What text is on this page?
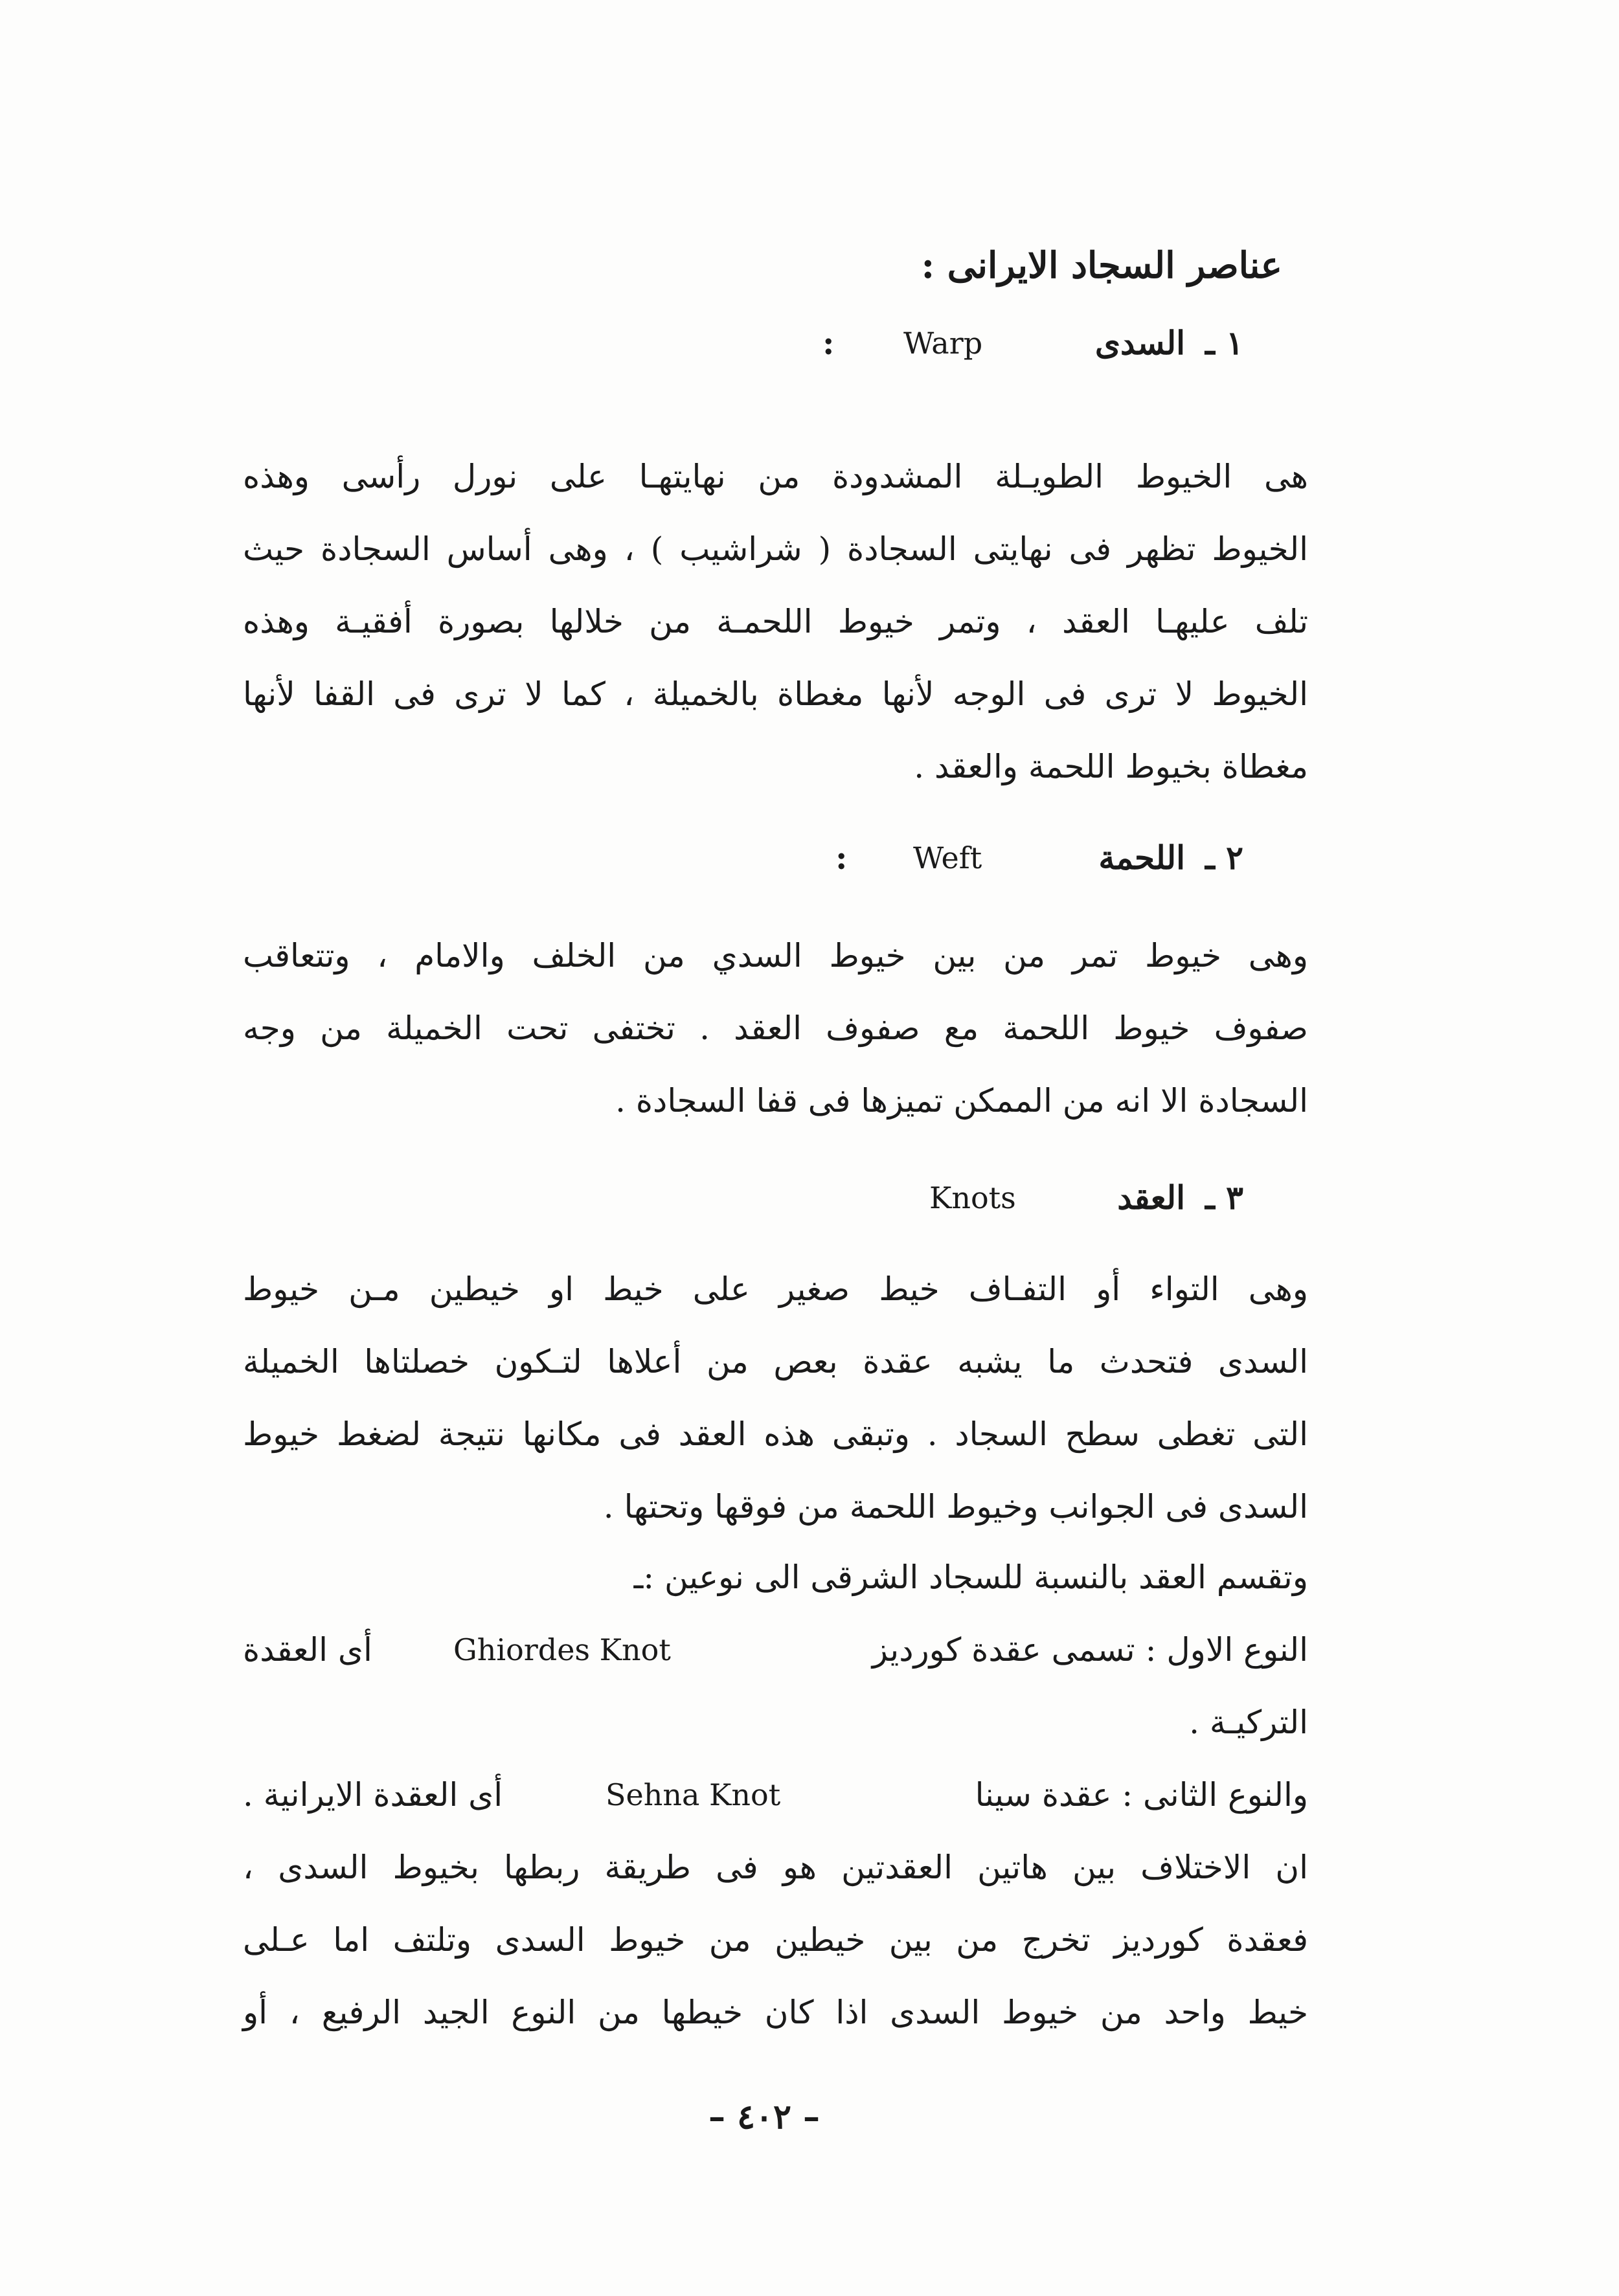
عناصر السجاد الايرانى :
١ ـ
السدى
Warp
:
هى الخيوط الطويـلة المشدودة من نهايتهـا على نورل رأسى وهذه
الخيوط تظهر فى نهايتى السجادة ( شراشيب ) ، وهى أساس السجادة حيث
تلف عليهـا العقد ، وتمر خيوط اللحمـة من خلالها بصورة أفقيـة وهذه
الخيوط لا ترى فى الوجه لأنها مغطاة بالخميلة ، كما لا ترى فى القفا لأنها
مغطاة بخيوط اللحمة والعقد .
٢ ـ
اللحمة
Weft
:
وهى خيوط تمر من بين خيوط السدي من الخلف والامام ، وتتعاقب
صفوف خيوط اللحمة مع صفوف العقد . تختفى تحت الخميلة من وجه
السجادة الا انه من الممكن تميزها فى قفا السجادة .
٣ ـ
العقد
Knots
وهى التواء أو التفـاف خيط صغير على خيط او خيطين مـن خيوط
السدى فتحدث ما يشبه عقدة بعص من أعلاها لتـكون خصلتاها الخميلة
التى تغطى سطح السجاد . وتبقى هذه العقد فى مكانها نتيجة لضغط خيوط
السدى فى الجوانب وخيوط اللحمة من فوقها وتحتها .
وتقسم العقد بالنسبة للسجاد الشرقى الى نوعين :ـ
النوع الاول : تسمى عقدة كورديز
Ghiordes Knot
أى العقدة
التركيـة .
والنوع الثانى : عقدة سينا
Sehna Knot
أى العقدة الايرانية .
ان الاختلاف بين هاتين العقدتين هو فى طريقة ربطها بخيوط السدى ،
فعقدة كورديز تخرج من بين خيطين من خيوط السدى وتلتف اما عـلى
خيط واحد من خيوط السدى اذا كان خيطها من النوع الجيد الرفيع ، أو
– ٤٠٢ –
